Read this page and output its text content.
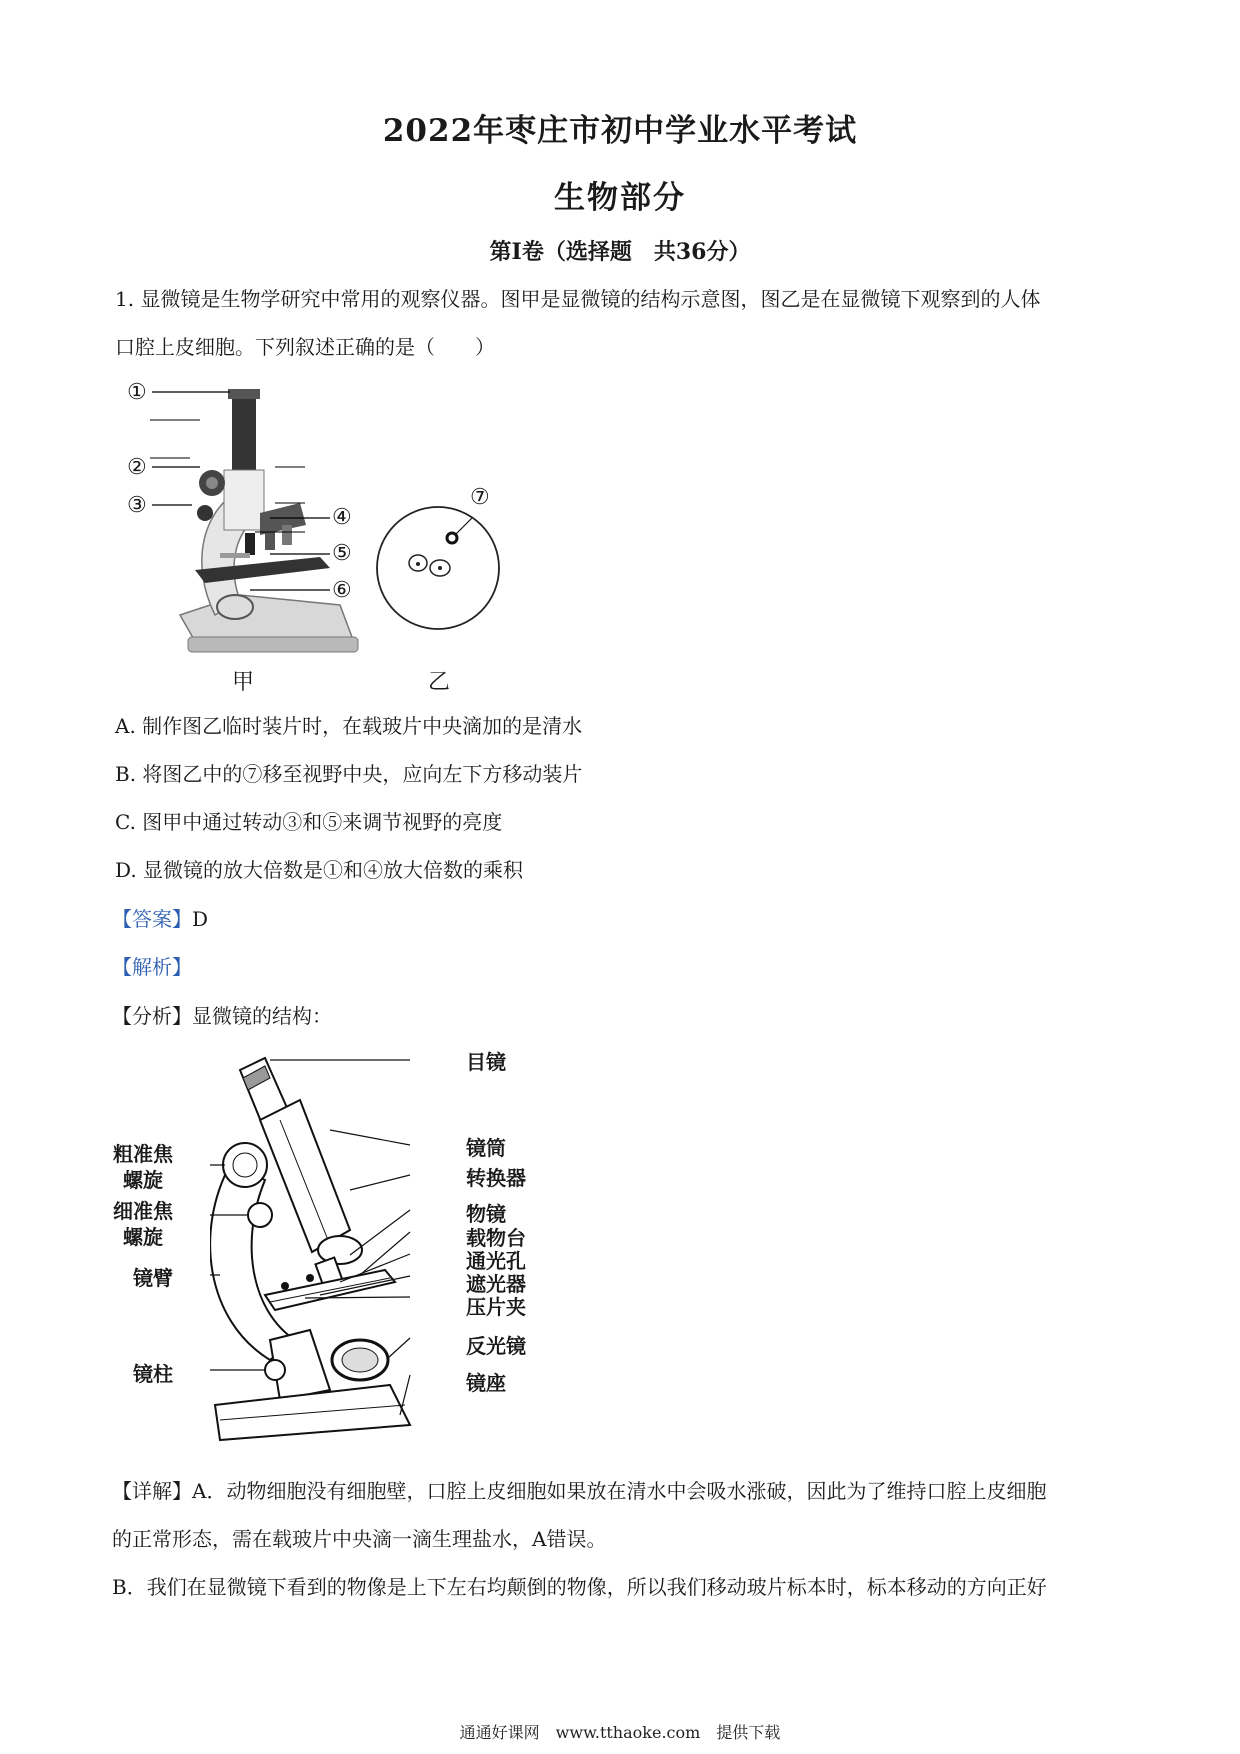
2022年枣庄市初中学业水平考试
生物部分
第Ⅰ卷（选择题　共36分）
1. 显微镜是生物学研究中常用的观察仪器。图甲是显微镜的结构示意图，图乙是在显微镜下观察到的人体
口腔上皮细胞。下列叙述正确的是（　　）
①
②
③	④
⑤
⑥
⑦
甲	乙
A. 制作图乙临时装片时，在载玻片中央滴加的是清水
B. 将图乙中的⑦移至视野中央，应向左下方移动装片
C. 图甲中通过转动③和⑤来调节视野的亮度
D. 显微镜的放大倍数是①和④放大倍数的乘积
【答案】D
【解析】
【分析】显微镜的结构：
目镜
镜筒
转换器
物镜
载物台
通光孔
遮光器
压片夹
反光镜
镜座
粗准焦
螺旋
细准焦
螺旋
镜臂
镜柱
【详解】A．动物细胞没有细胞壁，口腔上皮细胞如果放在清水中会吸水涨破，因此为了维持口腔上皮细胞
的正常形态，需在载玻片中央滴一滴生理盐水，A错误。
B．我们在显微镜下看到的物像是上下左右均颠倒的物像，所以我们移动玻片标本时，标本移动的方向正好
通通好课网　www.tthaoke.com　提供下载
